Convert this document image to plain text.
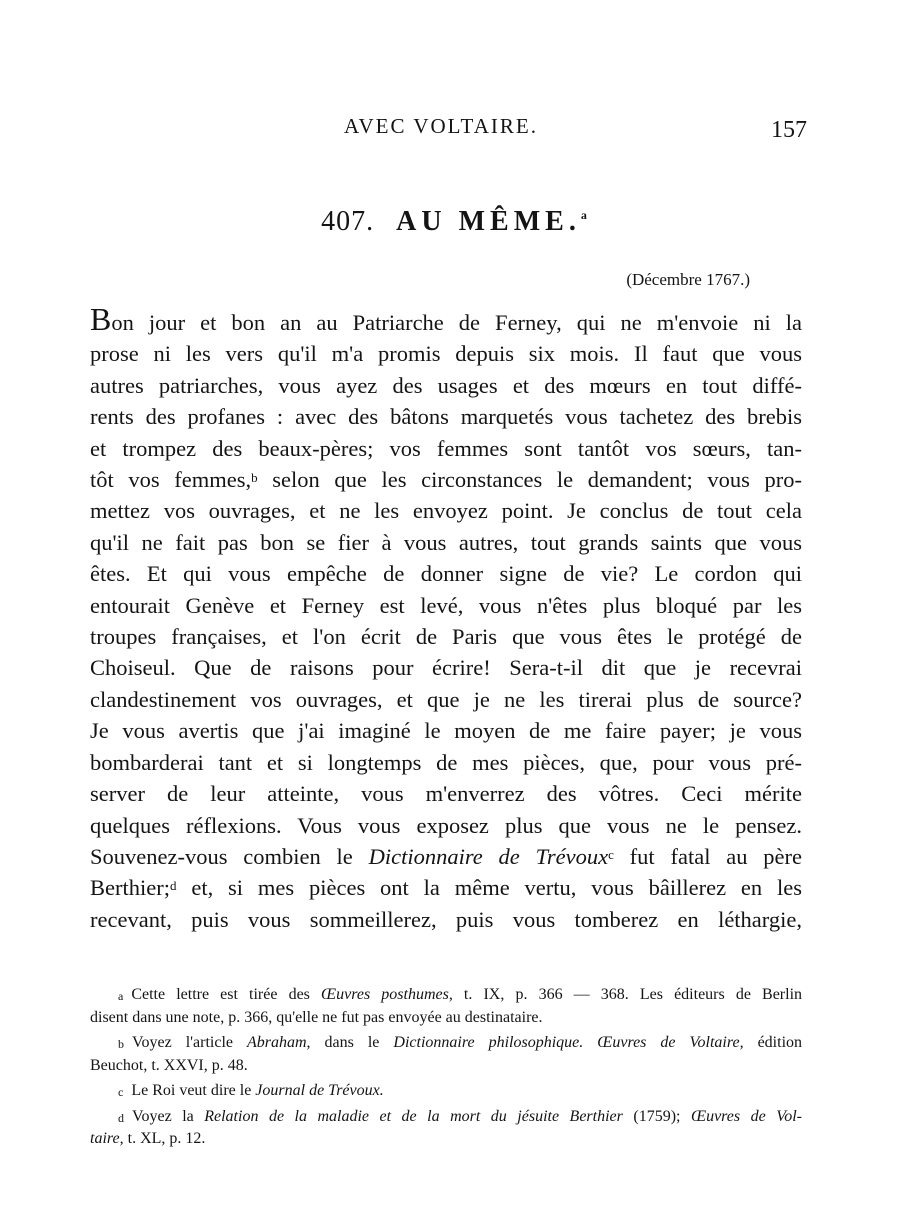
AVEC VOLTAIRE.	157
407. AU MÊME.$^a$
(Décembre 1767.)
Bon jour et bon an au Patriarche de Ferney, qui ne m'envoie ni la
prose ni les vers qu'il m'a promis depuis six mois. Il faut que vous
autres patriarches, vous ayez des usages et des mœurs en tout diffé-
rents des profanes : avec des bâtons marquetés vous tachetez des brebis
et trompez des beaux-pères; vos femmes sont tantôt vos sœurs, tan-
tôt vos femmes,$^b$ selon que les circonstances le demandent; vous pro-
mettez vos ouvrages, et ne les envoyez point. Je conclus de tout cela
qu'il ne fait pas bon se fier à vous autres, tout grands saints que vous
êtes. Et qui vous empêche de donner signe de vie? Le cordon qui
entourait Genève et Ferney est levé, vous n'êtes plus bloqué par les
troupes françaises, et l'on écrit de Paris que vous êtes le protégé de
Choiseul. Que de raisons pour écrire! Sera-t-il dit que je recevrai
clandestinement vos ouvrages, et que je ne les tirerai plus de source?
Je vous avertis que j'ai imaginé le moyen de me faire payer; je vous
bombarderai tant et si longtemps de mes pièces, que, pour vous pré-
server de leur atteinte, vous m'enverrez des vôtres. Ceci mérite
quelques réflexions. Vous vous exposez plus que vous ne le pensez.
Souvenez-vous combien le Dictionnaire de Trévoux$^c$ fut fatal au père
Berthier;$^d$ et, si mes pièces ont la même vertu, vous bâillerez en les
recevant, puis vous sommeillerez, puis vous tomberez en léthargie,
$^a$ Cette lettre est tirée des Œuvres posthumes, t. IX, p. 366 — 368. Les éditeurs de Berlin
disent dans une note, p. 366, qu'elle ne fut pas envoyée au destinataire.
$^b$ Voyez l'article Abraham, dans le Dictionnaire philosophique. Œuvres de Voltaire, édition
Beuchot, t. XXVI, p. 48.
$^c$ Le Roi veut dire le Journal de Trévoux.
$^d$ Voyez la Relation de la maladie et de la mort du jésuite Berthier (1759); Œuvres de Vol-
taire, t. XL, p. 12.
